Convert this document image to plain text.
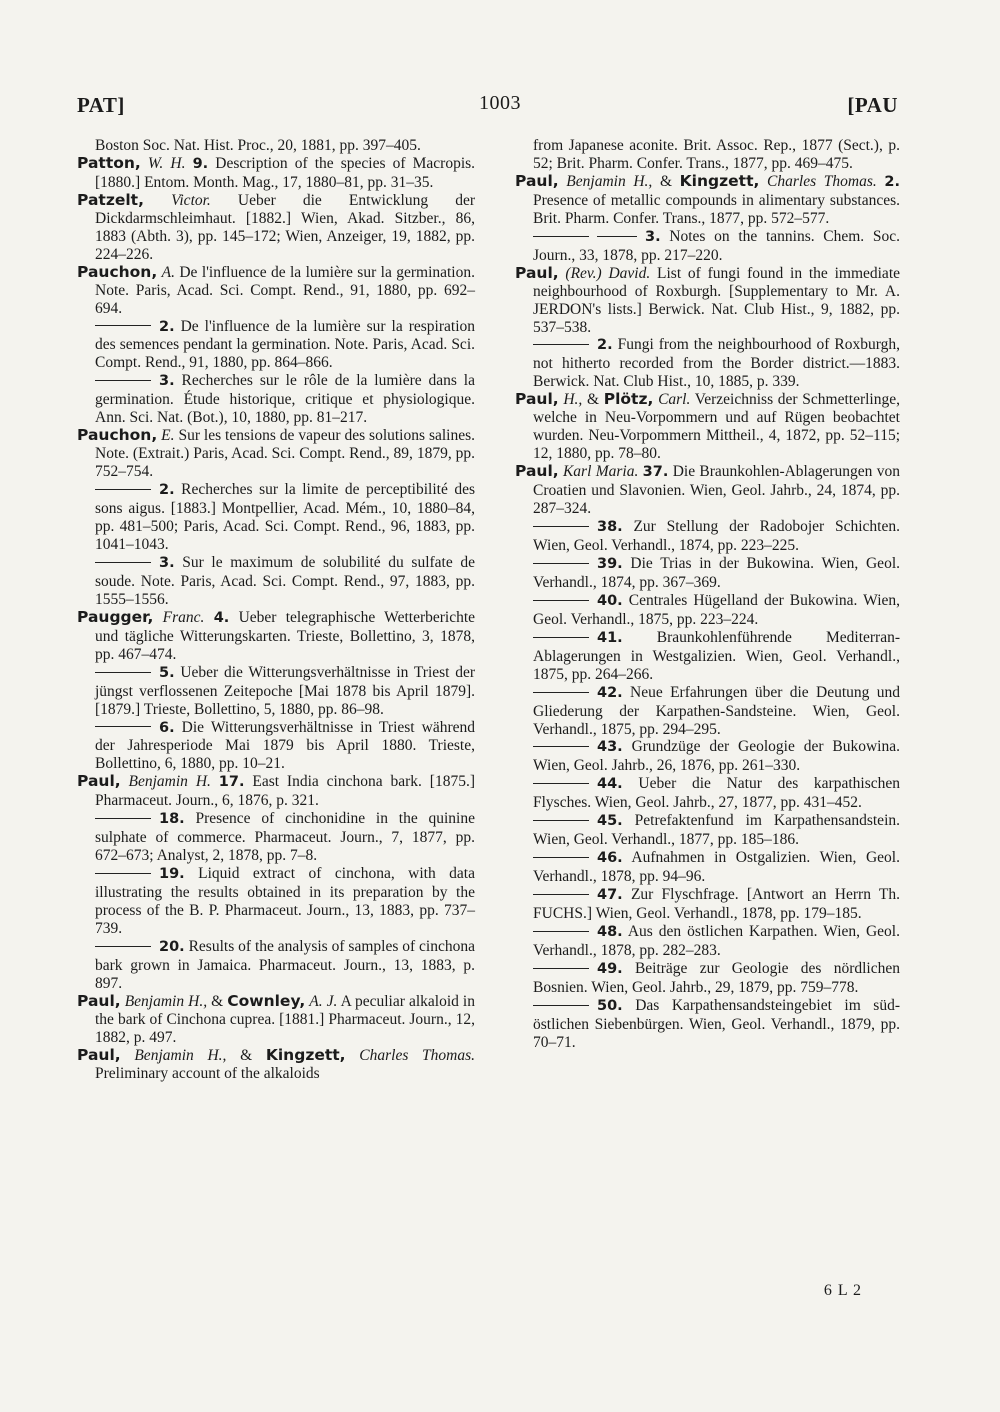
PAT]	1003	[PAU

Boston Soc. Nat. Hist. Proc., 20, 1881, pp. 397–405.

Patton, W. H. 9. Description of the species of Macropis. [1880.] Entom. Month. Mag., 17, 1880–81, pp. 31–35.

Patzelt, Victor. Ueber die Entwicklung der Dickdarmschleimhaut. [1882.] Wien, Akad. Sitzber., 86, 1883 (Abth. 3), pp. 145–172; Wien, Anzeiger, 19, 1882, pp. 224–226.

Pauchon, A. De l'influence de la lumière sur la germination. Note. Paris, Acad. Sci. Compt. Rend., 91, 1880, pp. 692–694.

2. De l'influence de la lumière sur la respiration des semences pendant la germination. Note. Paris, Acad. Sci. Compt. Rend., 91, 1880, pp. 864–866.

3. Recherches sur le rôle de la lumière dans la germination. Étude historique, critique et physiologique. Ann. Sci. Nat. (Bot.), 10, 1880, pp. 81–217.

Pauchon, E. Sur les tensions de vapeur des solutions salines. Note. (Extrait.) Paris, Acad. Sci. Compt. Rend., 89, 1879, pp. 752–754.

2. Recherches sur la limite de perceptibilité des sons aigus. [1883.] Montpellier, Acad. Mém., 10, 1880–84, pp. 481–500; Paris, Acad. Sci. Compt. Rend., 96, 1883, pp. 1041–1043.

3. Sur le maximum de solubilité du sulfate de soude. Note. Paris, Acad. Sci. Compt. Rend., 97, 1883, pp. 1555–1556.

Paugger, Franc. 4. Ueber telegraphische Wetterberichte und tägliche Witterungskarten. Trieste, Bollettino, 3, 1878, pp. 467–474.

5. Ueber die Witterungsverhältnisse in Triest der jüngst verflossenen Zeitepoche [Mai 1878 bis April 1879]. [1879.] Trieste, Bollettino, 5, 1880, pp. 86–98.

6. Die Witterungsverhältnisse in Triest während der Jahresperiode Mai 1879 bis April 1880. Trieste, Bollettino, 6, 1880, pp. 10–21.

Paul, Benjamin H. 17. East India cinchona bark. [1875.] Pharmaceut. Journ., 6, 1876, p. 321.

18. Presence of cinchonidine in the quinine sulphate of commerce. Pharmaceut. Journ., 7, 1877, pp. 672–673; Analyst, 2, 1878, pp. 7–8.

19. Liquid extract of cinchona, with data illustrating the results obtained in its preparation by the process of the B. P. Pharmaceut. Journ., 13, 1883, pp. 737–739.

20. Results of the analysis of samples of cinchona bark grown in Jamaica. Pharmaceut. Journ., 13, 1883, p. 897.

Paul, Benjamin H., & Cownley, A. J. A peculiar alkaloid in the bark of Cinchona cuprea. [1881.] Pharmaceut. Journ., 12, 1882, p. 497.

Paul, Benjamin H., & Kingzett, Charles Thomas. Preliminary account of the alkaloids

from Japanese aconite. Brit. Assoc. Rep., 1877 (Sect.), p. 52; Brit. Pharm. Confer. Trans., 1877, pp. 469–475.

Paul, Benjamin H., & Kingzett, Charles Thomas. 2. Presence of metallic compounds in alimentary substances. Brit. Pharm. Confer. Trans., 1877, pp. 572–577.

3. Notes on the tannins. Chem. Soc. Journ., 33, 1878, pp. 217–220.

Paul, (Rev.) David. List of fungi found in the immediate neighbourhood of Roxburgh. [Supplementary to Mr. A. JERDON's lists.] Berwick. Nat. Club Hist., 9, 1882, pp. 537–538.

2. Fungi from the neighbourhood of Roxburgh, not hitherto recorded from the Border district.—1883. Berwick. Nat. Club Hist., 10, 1885, p. 339.

Paul, H., & Plötz, Carl. Verzeichniss der Schmetterlinge, welche in Neu-Vorpommern und auf Rügen beobachtet wurden. Neu-Vorpommern Mittheil., 4, 1872, pp. 52–115; 12, 1880, pp. 78–80.

Paul, Karl Maria. 37. Die Braunkohlen-Ablagerungen von Croatien und Slavonien. Wien, Geol. Jahrb., 24, 1874, pp. 287–324.

38. Zur Stellung der Radobojer Schichten. Wien, Geol. Verhandl., 1874, pp. 223–225.

39. Die Trias in der Bukowina. Wien, Geol. Verhandl., 1874, pp. 367–369.

40. Centrales Hügelland der Bukowina. Wien, Geol. Verhandl., 1875, pp. 223–224.

41. Braunkohlenführende Mediterran-Ablagerungen in Westgalizien. Wien, Geol. Verhandl., 1875, pp. 264–266.

42. Neue Erfahrungen über die Deutung und Gliederung der Karpathen-Sandsteine. Wien, Geol. Verhandl., 1875, pp. 294–295.

43. Grundzüge der Geologie der Bukowina. Wien, Geol. Jahrb., 26, 1876, pp. 261–330.

44. Ueber die Natur des karpathischen Flysches. Wien, Geol. Jahrb., 27, 1877, pp. 431–452.

45. Petrefaktenfund im Karpathensandstein. Wien, Geol. Verhandl., 1877, pp. 185–186.

46. Aufnahmen in Ostgalizien. Wien, Geol. Verhandl., 1878, pp. 94–96.

47. Zur Flyschfrage. [Antwort an Herrn Th. FUCHS.] Wien, Geol. Verhandl., 1878, pp. 179–185.

48. Aus den östlichen Karpathen. Wien, Geol. Verhandl., 1878, pp. 282–283.

49. Beiträge zur Geologie des nördlichen Bosnien. Wien, Geol. Jahrb., 29, 1879, pp. 759–778.

50. Das Karpathensandsteingebiet im süd-östlichen Siebenbürgen. Wien, Geol. Verhandl., 1879, pp. 70–71.

6 L 2
